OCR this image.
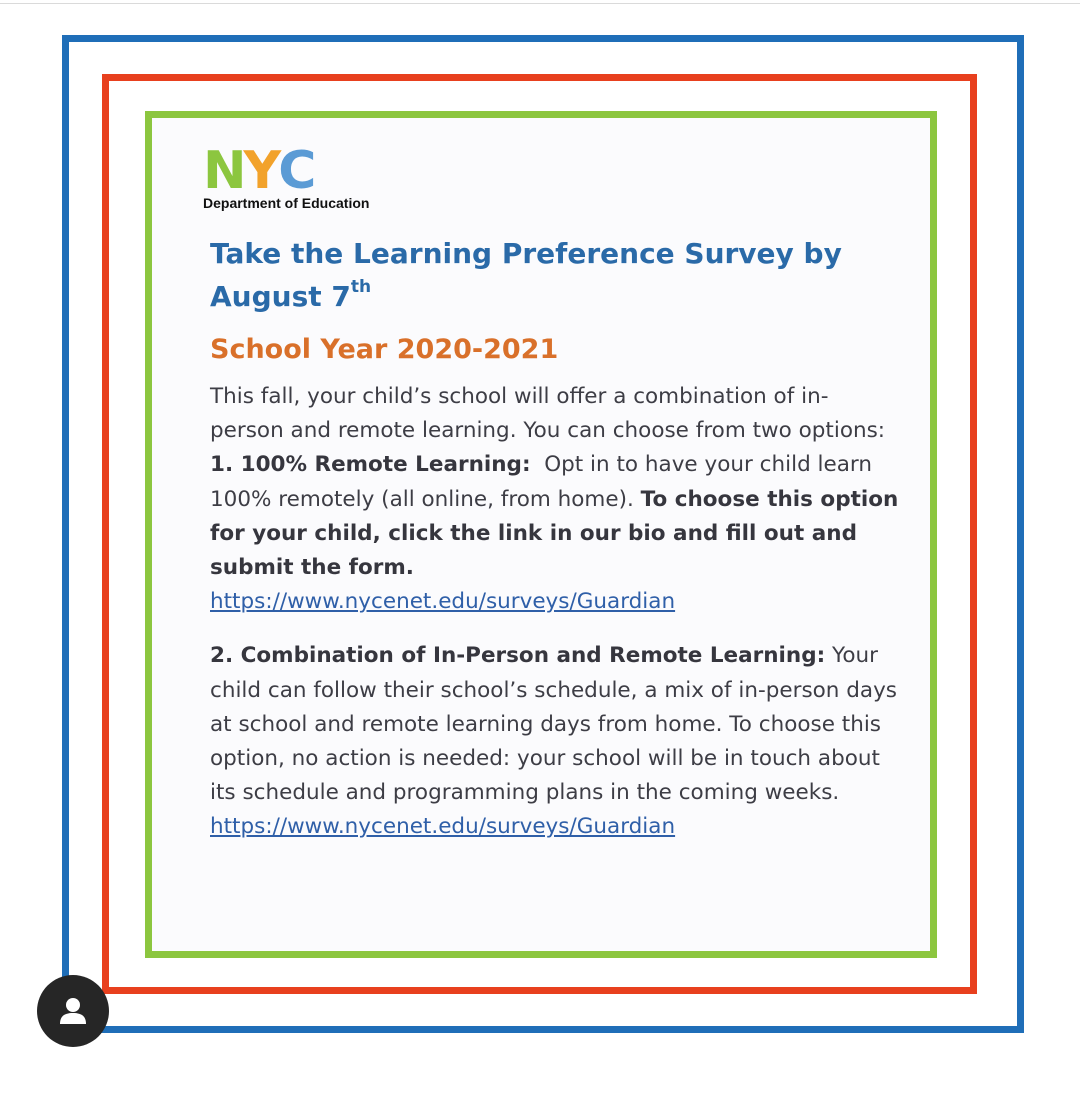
N Y C
Department of Education
Take the Learning Preference Survey by August 7th
School Year 2020-2021

This fall, your child’s school will offer a combination of in-person and remote learning. You can choose from two options:
1. 100% Remote Learning: Opt in to have your child learn 100% remotely (all online, from home). To choose this option for your child, click the link in our bio and fill out and submit the form.
https://www.nycenet.edu/surveys/Guardian

2. Combination of In-Person and Remote Learning: Your child can follow their school’s schedule, a mix of in-person days at school and remote learning days from home. To choose this option, no action is needed: your school will be in touch about its schedule and programming plans in the coming weeks.
https://www.nycenet.edu/surveys/Guardian
